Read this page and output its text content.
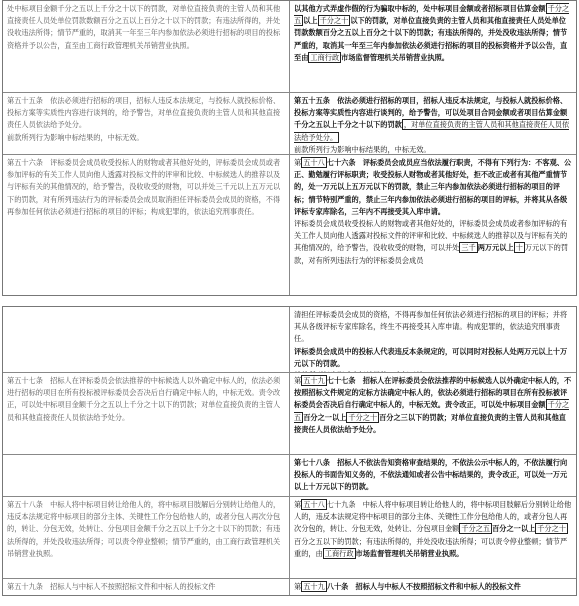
处中标项目金额千分之五以上千分之十以下的罚款，对单位直接负责的主管人员和其他直接责任人员处单位罚款数额百分之五以上百分之十以下的罚款；有违法所得的，并处没收违法所得；情节严重的，取消其一年至三年内参加依法必须进行招标的项目的投标资格并予以公告，直至由工商行政管理机关吊销营业执照。

以其他方式弄虚作假的行为骗取中标的，处中标项目金额或者招标项目估算金额 千分之五 以上 千分之十 以下的罚款，对单位直接负责的主管人员和其他直接责任人员处单位罚款数额百分之五以上百分之十以下的罚款；有违法所得的，并处没收违法所得；情节严重的，取消其一年至三年内参加依法必须进行招标的项目的投标资格并予以公告，直至由 工商行政 市场监督管理机关吊销营业执照。

第五十五条　依法必须进行招标的项目，招标人违反本法规定，与投标人就投标价格、投标方案等实质性内容进行谈判的，给予警告，对单位直接负责的主管人员和其他直接责任人员依法给予处分。

前款所列行为影响中标结果的，中标无效。

第五十五条　依法必须进行招标的项目，招标人违反本法规定，与投标人就投标价格、投标方案等实质性内容进行谈判的，给予警告，可以处项目合同金额或者项目估算金额千分之五以上千分之十以下的罚款 ，对单位直接负责的主管人员和其他直接责任人员依法给予处分。

前款所列行为影响中标结果的，中标无效。

第五十六条　评标委员会成员收受投标人的财物或者其他好处的，评标委员会成员或者参加评标的有关工作人员向他人透露对投标文件的评审和比较、中标候选人的推荐以及与评标有关的其他情况的，给予警告，没收收受的财物，可以并处三千元以上五万元以下的罚款，对有所列违法行为的评标委员会成员取消担任评标委员会成员的资格，不得再参加任何依法必须进行招标的项目的评标；构成犯罪的，依法追究刑事责任。

第 五十八 七十六条　评标委员会成员应当依法履行职责，不得有下列行为：不客观、公正、勤勉履行评标职责；收受投标人财物或者其他好处，拒不改正或者有其他严重情节的，处一万元以上五万元以下的罚款，禁止三年内参加依法必须进行招标的项目的评标；情节特别严重的，禁止三年内参加依法必须进行招标的项目的评标，并将其从各级评标专家库除名，三年内不再接受其入库申请。

评标委员会成员收受投标人的财物或者其他好处的，评标委员会成员或者参加评标的有关工作人员向他人透露对投标文件的评审和比较、中标候选人的推荐以及与评标有关的其他情况的，给予警告，没收收受的财物，可以并处 三千 两万元以上 十 万元以下的罚款，对有所列违法行为的评标委员会成员

清担任评标委员会成员的资格，不得再参加任何依法必须进行招标的项目的评标；并将其从各级评标专家库除名，终生不再接受其入库申请。构成犯罪的，依法追究刑事责任。

评标委员会成员中的投标人代表违反本条规定的，可以同时对投标人处两万元以上十万元以下的罚款。

第五十七条　招标人在评标委员会依法推荐的中标候选人以外确定中标人的，依法必须进行招标的项目在所有投标被评标委员会否决后自行确定中标人的，中标无效。责令改正，可以处中标项目金额千分之五以上千分之十以下的罚款；对单位直接负责的主管人员和其他直接责任人员依法给予处分。

第 五十九 七十七条　招标人在评标委员会依法推荐的中标候选人以外确定中标人的，不按照招标文件规定的定标方法确定中标人的，依法必须进行招标的项目在所有投标被评标委员会否决后自行确定中标人的，中标无效。责令改正，可以处中标项目金额 千分之五 百分之一以上 千分之十 百分之三以下的罚款；对单位直接负责的主管人员和其他直接责任人员依法给予处分。

第七十八条　招标人不依法告知资格审查结果的，不依法公示中标人的，不依法履行向投标人的书面告知义务的，不依法通知或者公告中标结果的，责令改正，可以处一万元以上十万元以下的罚款。

第五十八条　中标人将中标项目转让给他人的，将中标项目肢解后分别转让给他人的，违反本法规定将中标项目的部分主体、关键性工作分包给他人的，或者分包人再次分包的，转让、分包无效，处转让、分包项目金额千分之五以上千分之十以下的罚款；有违法所得的，并处没收违法所得；可以责令停业整顿；情节严重的，由工商行政管理机关吊销营业执照。

第 五十八 七十九条　中标人将中标项目转让给他人的，将中标项目肢解后分别转让给他人的，违反本法规定将中标项目的部分主体、关键性工作分包给他人的，或者分包人再次分包的，转让、分包无效，处转让、分包项目金额 千分之五 百分之一以上 千分之十百分之五以下的罚款；有违法所得的，并处没收违法所得；可以责令停业整顿；情节严重的，由 工商行政 市场监督管理机关吊销营业执照。

第五十九条　招标人与中标人不按照招标文件和中标人的投标文件	第 五十九 八十条　招标人与中标人不按照招标文件和中标人的投标文件
